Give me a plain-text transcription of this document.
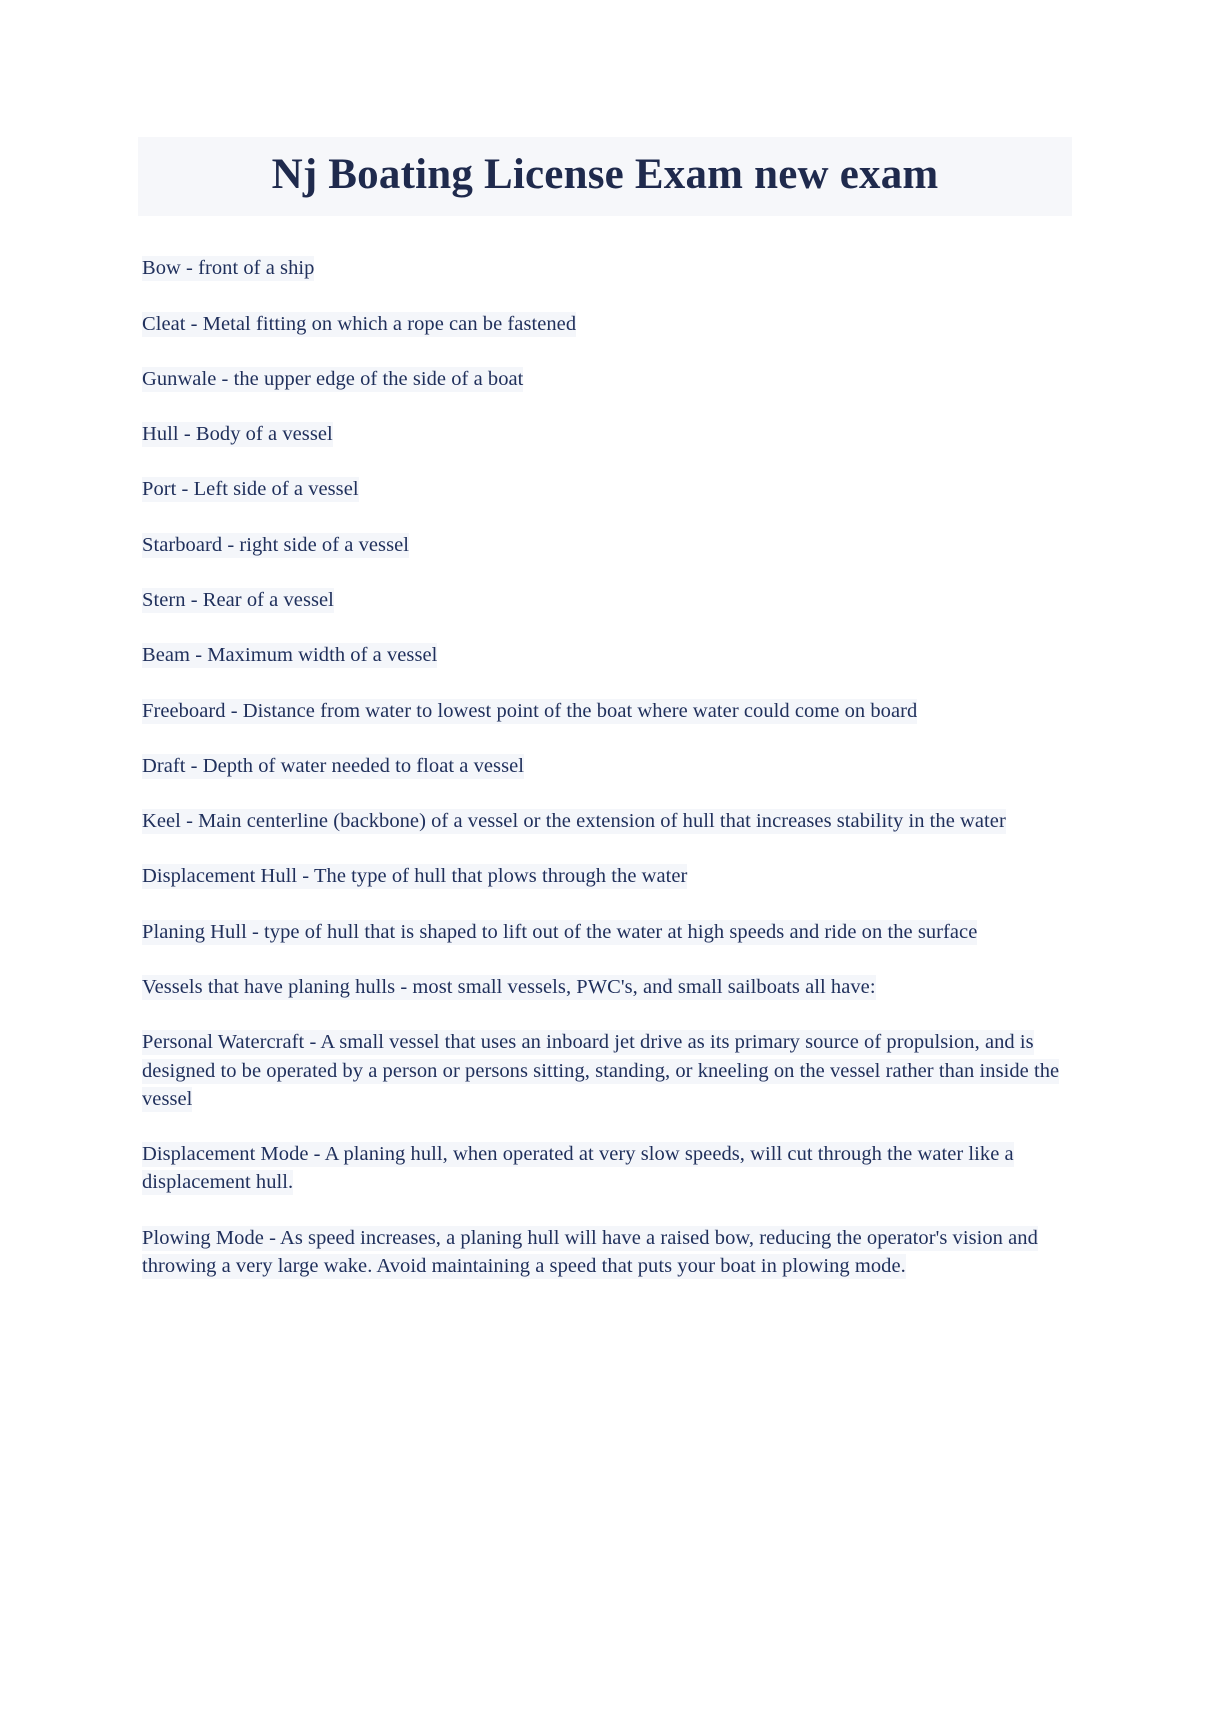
Nj Boating License Exam new exam

Bow - front of a ship

Cleat - Metal fitting on which a rope can be fastened

Gunwale - the upper edge of the side of a boat

Hull - Body of a vessel

Port - Left side of a vessel

Starboard - right side of a vessel

Stern - Rear of a vessel

Beam - Maximum width of a vessel

Freeboard - Distance from water to lowest point of the boat where water could come on board

Draft - Depth of water needed to float a vessel

Keel - Main centerline (backbone) of a vessel or the extension of hull that increases stability in the water

Displacement Hull - The type of hull that plows through the water

Planing Hull - type of hull that is shaped to lift out of the water at high speeds and ride on the surface

Vessels that have planing hulls - most small vessels, PWC's, and small sailboats all have:

Personal Watercraft - A small vessel that uses an inboard jet drive as its primary source of propulsion, and is designed to be operated by a person or persons sitting, standing, or kneeling on the vessel rather than inside the vessel

Displacement Mode - A planing hull, when operated at very slow speeds, will cut through the water like a displacement hull.

Plowing Mode - As speed increases, a planing hull will have a raised bow, reducing the operator's vision and throwing a very large wake. Avoid maintaining a speed that puts your boat in plowing mode.
